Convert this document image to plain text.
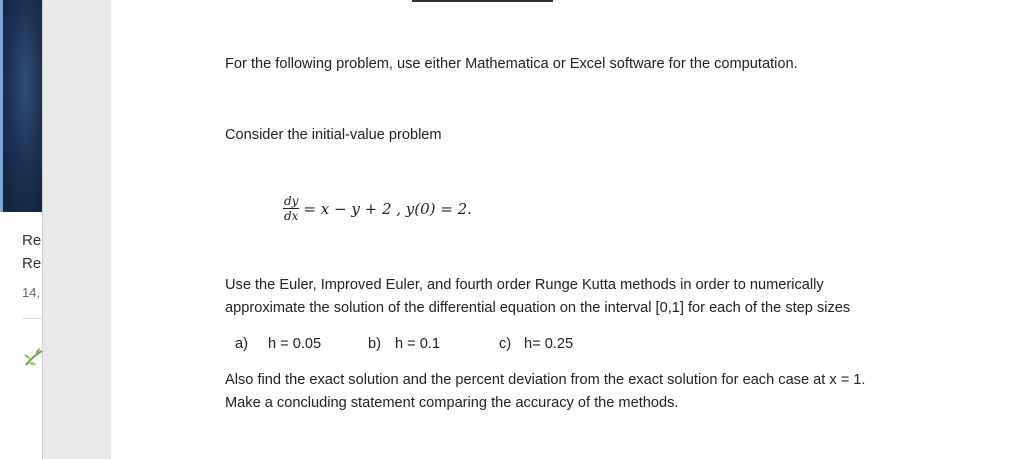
Re
Re
14,
For the following problem, use either Mathematica or Excel software for the computation.
Consider the initial-value problem
$\frac{dy}{dx} = x - y + 2$ , y(0) = 2.
Use the Euler, Improved Euler, and fourth order Runge Kutta methods in order to numerically
approximate the solution of the differential equation on the interval [0,1] for each of the step sizes
a) h = 0.05	b) h = 0.1	c) h= 0.25
Also find the exact solution and the percent deviation from the exact solution for each case at x = 1.
Make a concluding statement comparing the accuracy of the methods.
